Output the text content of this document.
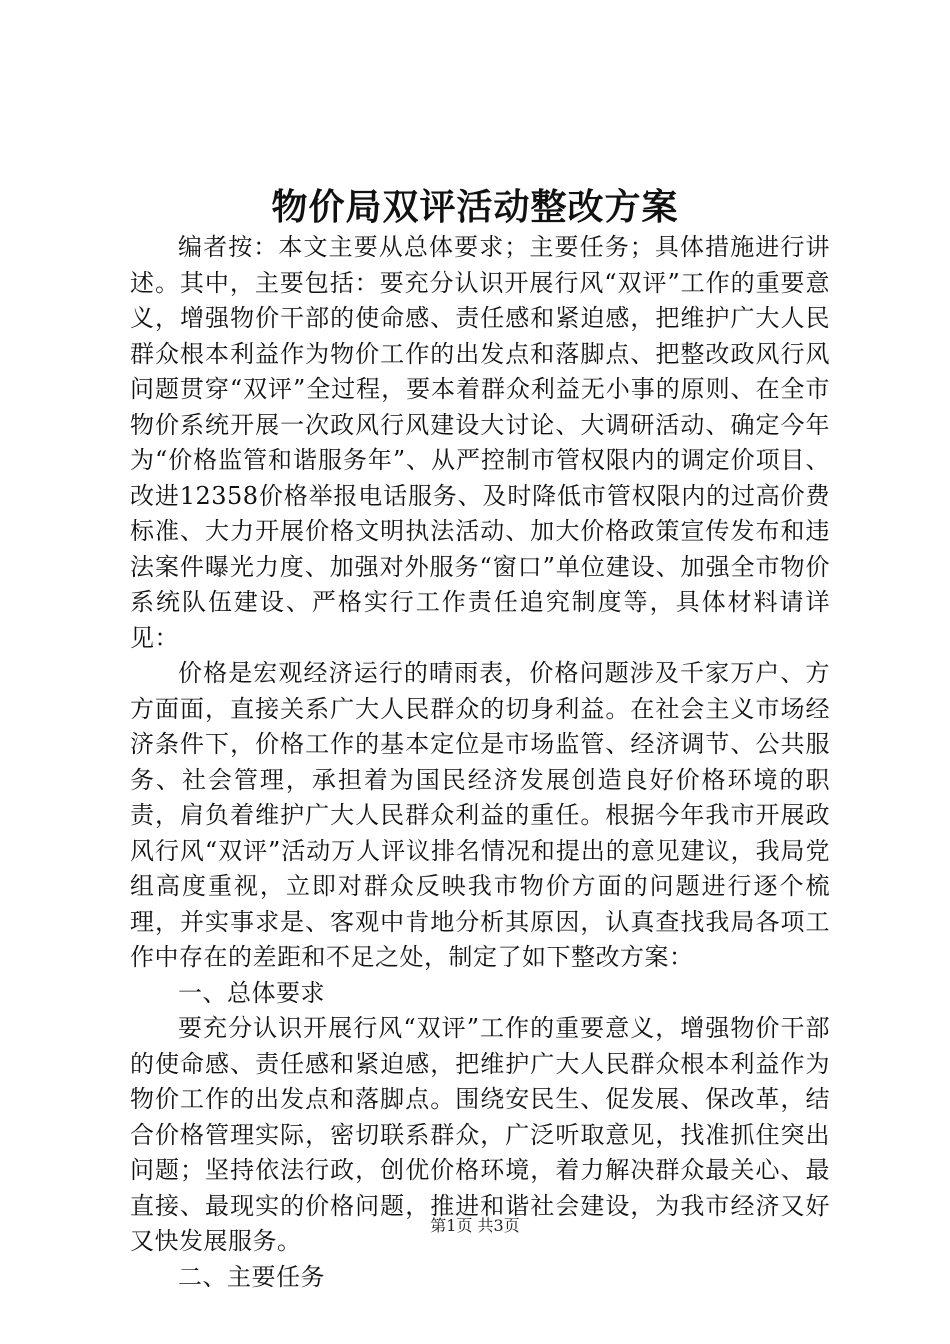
物价局双评活动整改方案

编者按：本文主要从总体要求；主要任务；具体措施进行讲述。其中，主要包括：要充分认识开展行风“双评”工作的重要意义，增强物价干部的使命感、责任感和紧迫感，把维护广大人民群众根本利益作为物价工作的出发点和落脚点、把整改政风行风问题贯穿“双评”全过程，要本着群众利益无小事的原则、在全市物价系统开展一次政风行风建设大讨论、大调研活动、确定今年为“价格监管和谐服务年”、从严控制市管权限内的调定价项目、改进12358价格举报电话服务、及时降低市管权限内的过高价费标准、大力开展价格文明执法活动、加大价格政策宣传发布和违法案件曝光力度、加强对外服务“窗口”单位建设、加强全市物价系统队伍建设、严格实行工作责任追究制度等，具体材料请详见：

价格是宏观经济运行的晴雨表，价格问题涉及千家万户、方方面面，直接关系广大人民群众的切身利益。在社会主义市场经济条件下，价格工作的基本定位是市场监管、经济调节、公共服务、社会管理，承担着为国民经济发展创造良好价格环境的职责，肩负着维护广大人民群众利益的重任。根据今年我市开展政风行风“双评”活动万人评议排名情况和提出的意见建议，我局党组高度重视，立即对群众反映我市物价方面的问题进行逐个梳理，并实事求是、客观中肯地分析其原因，认真查找我局各项工作中存在的差距和不足之处，制定了如下整改方案：

一、总体要求

要充分认识开展行风“双评”工作的重要意义，增强物价干部的使命感、责任感和紧迫感，把维护广大人民群众根本利益作为物价工作的出发点和落脚点。围绕安民生、促发展、保改革，结合价格管理实际，密切联系群众，广泛听取意见，找准抓住突出问题；坚持依法行政，创优价格环境，着力解决群众最关心、最直接、最现实的价格问题，推进和谐社会建设，为我市经济又好又快发展服务。

二、主要任务

第1页 共3页
